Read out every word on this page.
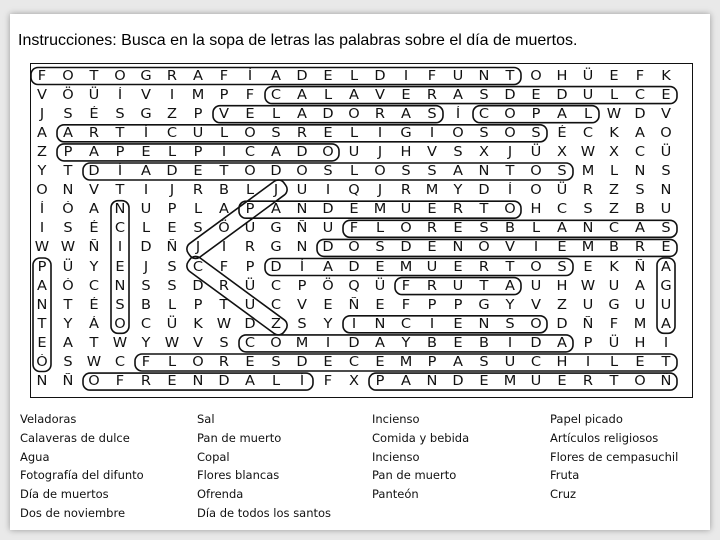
Instrucciones: Busca en la sopa de letras las palabras sobre el día de muertos.
F	O	T	O	G	R	A	F	Í	A	D	E	L	D	I	F	U	N	T	O	H	Ü	E	F	K
V	Ö	Ü	Í	V	I	M	P	F	C	A	L	A	V	E	R	A	S	D	E	D	U	L	C	E
J	S	É	S	G	Z	P	V	E	L	A	D	O	R	A	S	Í	C	O	P	A	L	W	D	V
A	A	R	T	Í	C	U	L	O	S	R	E	L	I	G	I	O	S	O	S	É	C	K	A	O
Z	P	A	P	E	L	P	I	C	A	D	O	U	J	H	V	S	X	J	Ü	X	W	X	C	Ü
Y	T	D	Í	A	D	E	T	O	D	O	S	L	O	S	S	A	N	T	O	S	M	L	N	S
O	N	V	T	I	J	R	B	L	J	U	I	Q	J	R	M	Y	D	Í	O	Ü	R	Z	S	N
Í	Ó	A	N	U	P	L	A	P	A	N	D	E	M	U	E	R	T	O	H	C	S	Z	B	U
I	S	É	C	L	E	S	Ö	U	G	Ñ	U	F	L	O	R	E	S	B	L	A	N	C	A	S
W W	Ñ	I	D	Ñ	J	Í	R	G	N	D	O	S	D	E	N	O	V	I	E	M	B	R	E
P	Ü	Y	E	J	S	C	F	P	D	Í	A	D	E	M	U	E	R	T	O	S	E	K	Ñ	A
A	Ó	C	N	S	S	D	R	Ü	C	P	Ö	Q	Ü	F	R	U	T	A	U	H	W	U	A	G
N	T	É	S	B	L	P	T	U	C	V	E	Ñ	E	F	P	P	G	Y	V	Z	U	G	U	U
T	Y	Á	O	C	Ü	K	W	D	Z	S	Y	I	N	C	I	E	N	S	O	D	Ñ	F	M	A
E	A	T	W	Y	W	V	S	C	O	M	I	D	A	Y	B	E	B	I	D	A	P	Ü	H	I
Ó	S	W	C	F	L	O	R	E	S	D	E	C	E	M	P	A	S	U	C	H	I	L	E	T
N	Ñ	O	F	R	E	N	D	A	L	Í	F	X	P	A	N	D	E	M	U	E	R	T	O	Ñ
Veladoras	Sal	Incienso	Papel picado
Calaveras de dulce	Pan de muerto	Comida y bebida	Artículos religiosos
Agua	Copal	Incienso	Flores de cempasuchil
Fotografía del difunto	Flores blancas	Pan de muerto	Fruta
Día de muertos	Ofrenda	Panteón	Cruz
Dos de noviembre	Día de todos los santos
